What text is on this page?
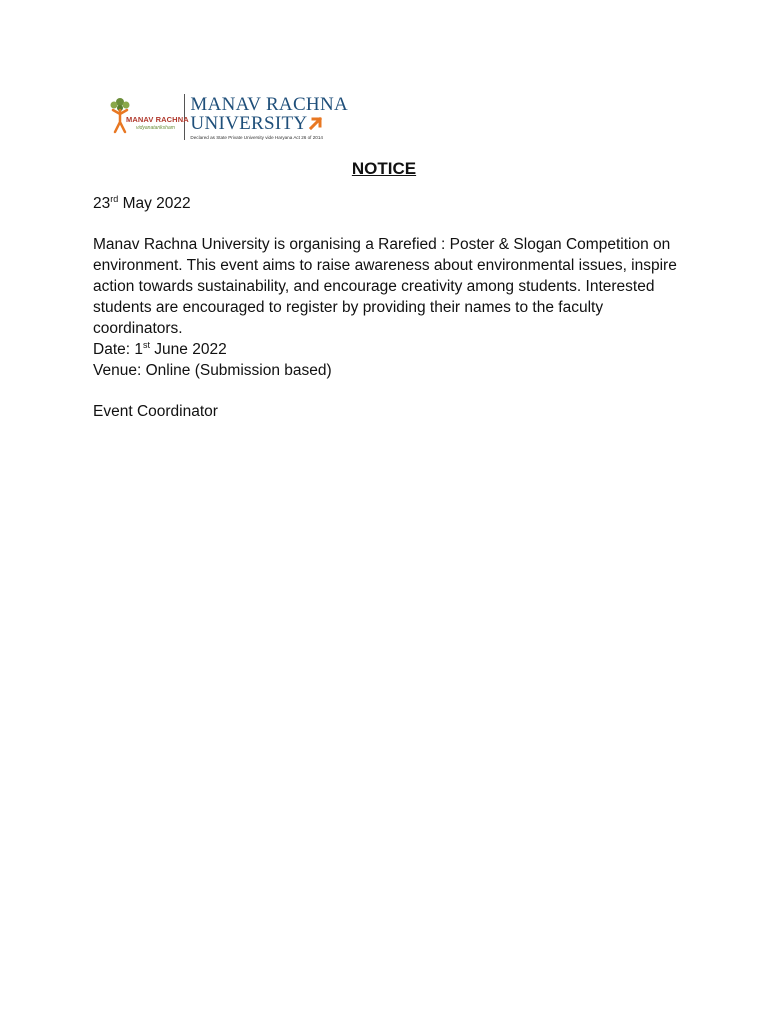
MANAV RACHNA
vidyanatariksham
MANAV RACHNA
UNIVERSITY
Declared as State Private University vide Haryana Act 26 of 2014
NOTICE
23rd May 2022
Manav Rachna University is organising a Rarefied : Poster & Slogan Competition on environment. This event aims to raise awareness about environmental issues, inspire action towards sustainability, and encourage creativity among students. Interested students are encouraged to register by providing their names to the faculty coordinators.
Date: 1st June 2022
Venue: Online (Submission based)
Event Coordinator
